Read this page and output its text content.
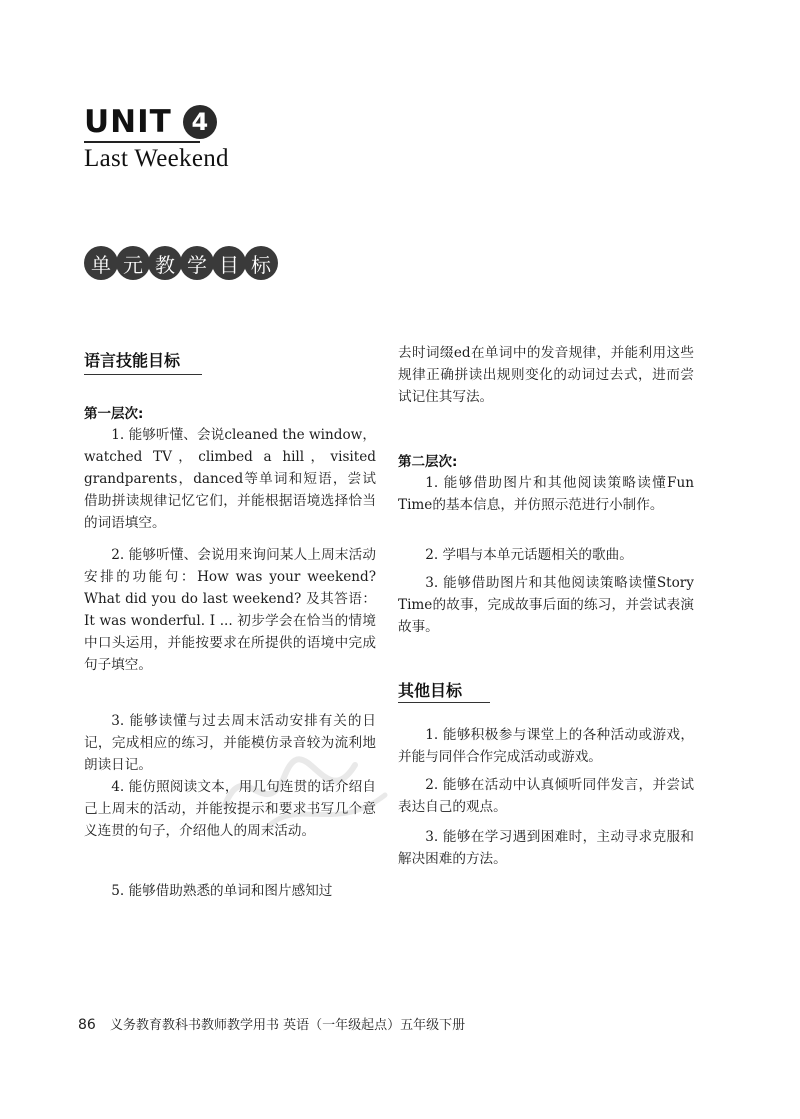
UNIT 4
Last Weekend
单 元 教 学 目 标
语言技能目标
第一层次:

1. 能够听懂、会说cleaned the window，watched TV，climbed a hill，visited grandparents，danced等单词和短语，尝试借助拼读规律记忆它们，并能根据语境选择恰当的词语填空。

2. 能够听懂、会说用来询问某人上周末活动安排的功能句：How was your weekend? What did you do last weekend? 及其答语：It was wonderful. I ... 初步学会在恰当的情境中口头运用，并能按要求在所提供的语境中完成句子填空。

3. 能够读懂与过去周末活动安排有关的日记，完成相应的练习，并能模仿录音较为流利地朗读日记。

4. 能仿照阅读文本，用几句连贯的话介绍自己上周末的活动，并能按提示和要求书写几个意义连贯的句子，介绍他人的周末活动。

5. 能够借助熟悉的单词和图片感知过

去时词缀ed在单词中的发音规律，并能利用这些规律正确拼读出规则变化的动词过去式，进而尝试记住其写法。

第二层次:

1. 能够借助图片和其他阅读策略读懂Fun Time的基本信息，并仿照示范进行小制作。

2. 学唱与本单元话题相关的歌曲。

3. 能够借助图片和其他阅读策略读懂Story Time的故事，完成故事后面的练习，并尝试表演故事。

其他目标

1. 能够积极参与课堂上的各种活动或游戏，并能与同伴合作完成活动或游戏。

2. 能够在活动中认真倾听同伴发言，并尝试表达自己的观点。

3. 能够在学习遇到困难时，主动寻求克服和解决困难的方法。

86 义务教育教科书教师教学用书 英语（一年级起点）五年级下册
